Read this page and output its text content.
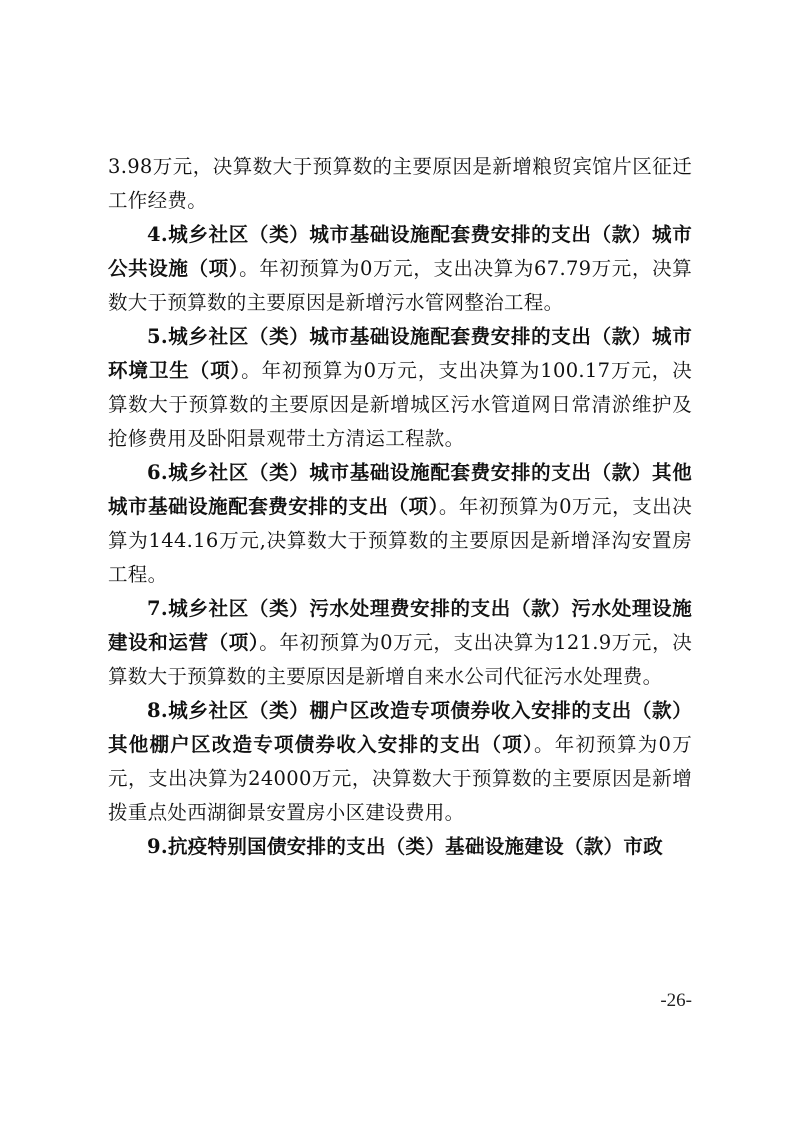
3.98万元，决算数大于预算数的主要原因是新增粮贸宾馆片区征迁工作经费。

4.城乡社区（类）城市基础设施配套费安排的支出（款）城市公共设施（项）。年初预算为0万元，支出决算为67.79万元，决算数大于预算数的主要原因是新增污水管网整治工程。

5.城乡社区（类）城市基础设施配套费安排的支出（款）城市环境卫生（项）。年初预算为0万元，支出决算为100.17万元，决算数大于预算数的主要原因是新增城区污水管道网日常清淤维护及抢修费用及卧阳景观带土方清运工程款。

6.城乡社区（类）城市基础设施配套费安排的支出（款）其他城市基础设施配套费安排的支出（项）。年初预算为0万元，支出决算为144.16万元,决算数大于预算数的主要原因是新增泽沟安置房工程。

7.城乡社区（类）污水处理费安排的支出（款）污水处理设施建设和运营（项）。年初预算为0万元，支出决算为121.9万元，决算数大于预算数的主要原因是新增自来水公司代征污水处理费。

8.城乡社区（类）棚户区改造专项债券收入安排的支出（款）其他棚户区改造专项债券收入安排的支出（项）。年初预算为0万元，支出决算为24000万元，决算数大于预算数的主要原因是新增拨重点处西湖御景安置房小区建设费用。

9.抗疫特别国债安排的支出（类）基础设施建设（款）市政

-26-
